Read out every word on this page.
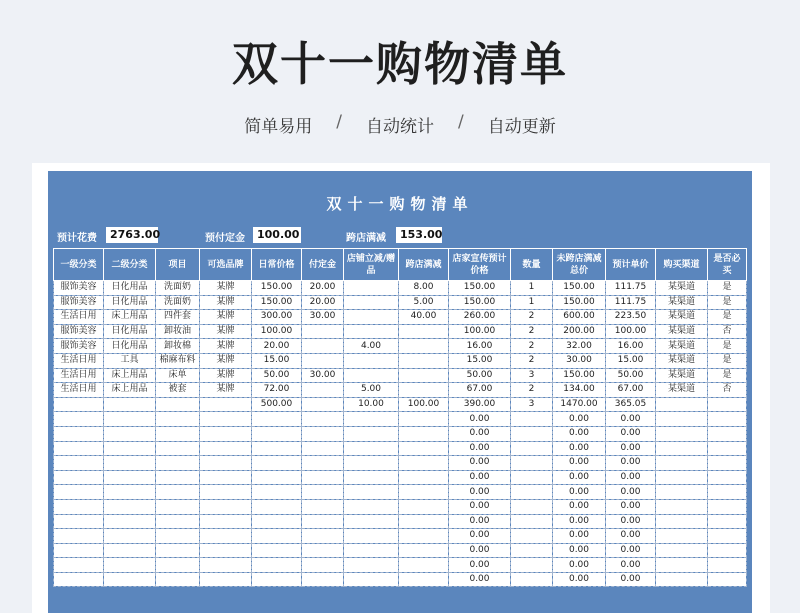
双十一购物清单
简单易用 / 自动统计 / 自动更新
双十一购物清单
预计花费	2763.00	预付定金	100.00	跨店满减	153.00
一级分类	二级分类	项目	可选品牌	日常价格	付定金	店铺立减/赠品	跨店满减	店家宣传预计价格	数量	未跨店满减总价	预计单价	购买渠道	是否必买
服饰美容	日化用品	洗面奶	某牌	150.00	20.00		8.00	150.00	1	150.00	111.75	某渠道	是
服饰美容	日化用品	洗面奶	某牌	150.00	20.00		5.00	150.00	1	150.00	111.75	某渠道	是
生活日用	床上用品	四件套	某牌	300.00	30.00		40.00	260.00	2	600.00	223.50	某渠道	是
服饰美容	日化用品	卸妆油	某牌	100.00				100.00	2	200.00	100.00	某渠道	否
服饰美容	日化用品	卸妆棉	某牌	20.00		4.00		16.00	2	32.00	16.00	某渠道	是
生活日用	工具	棉麻布料	某牌	15.00				15.00	2	30.00	15.00	某渠道	是
生活日用	床上用品	床单	某牌	50.00	30.00			50.00	3	150.00	50.00	某渠道	是
生活日用	床上用品	被套	某牌	72.00		5.00		67.00	2	134.00	67.00	某渠道	否
				500.00		10.00	100.00	390.00	3	1470.00	365.05		
								0.00		0.00	0.00		
								0.00		0.00	0.00		
								0.00		0.00	0.00		
								0.00		0.00	0.00		
								0.00		0.00	0.00		
								0.00		0.00	0.00		
								0.00		0.00	0.00		
								0.00		0.00	0.00		
								0.00		0.00	0.00		
								0.00		0.00	0.00		
								0.00		0.00	0.00		
								0.00		0.00	0.00		
